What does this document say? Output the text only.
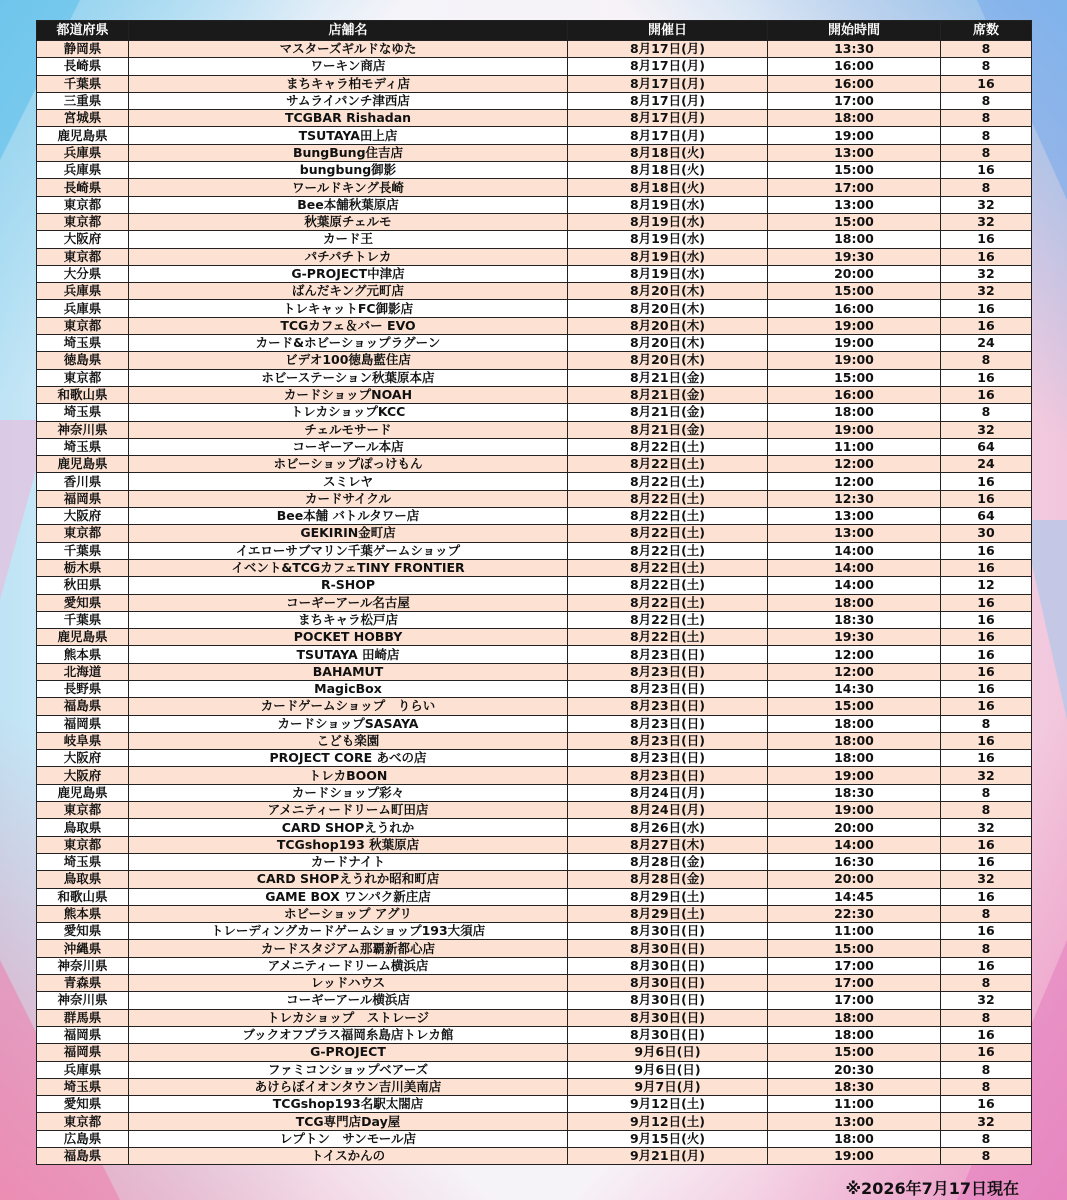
都道府県	店舗名	開催日	開始時間	席数
静岡県	マスターズギルドなゆた	8月17日(月)	13:30	8
長崎県	ワーキン商店	8月17日(月)	16:00	8
千葉県	まちキャラ柏モディ店	8月17日(月)	16:00	16
三重県	サムライパンチ津西店	8月17日(月)	17:00	8
宮城県	TCGBAR Rishadan	8月17日(月)	18:00	8
鹿児島県	TSUTAYA田上店	8月17日(月)	19:00	8
兵庫県	BungBung住吉店	8月18日(火)	13:00	8
兵庫県	bungbung御影	8月18日(火)	15:00	16
長崎県	ワールドキング長崎	8月18日(火)	17:00	8
東京都	Bee本舗秋葉原店	8月19日(水)	13:00	32
東京都	秋葉原チェルモ	8月19日(水)	15:00	32
大阪府	カード王	8月19日(水)	18:00	16
東京都	パチパチトレカ	8月19日(水)	19:30	16
大分県	G-PROJECT中津店	8月19日(水)	20:00	32
兵庫県	ばんだキング元町店	8月20日(木)	15:00	32
兵庫県	トレキャットFC御影店	8月20日(木)	16:00	16
東京都	TCGカフェ＆バー EVO	8月20日(木)	19:00	16
埼玉県	カード&ホビーショップラグーン	8月20日(木)	19:00	24
徳島県	ビデオ100徳島藍住店	8月20日(木)	19:00	8
東京都	ホビーステーション秋葉原本店	8月21日(金)	15:00	16
和歌山県	カードショップNOAH	8月21日(金)	16:00	16
埼玉県	トレカショップKCC	8月21日(金)	18:00	8
神奈川県	チェルモサード	8月21日(金)	19:00	32
埼玉県	コーギーアール本店	8月22日(土)	11:00	64
鹿児島県	ホビーショップぽっけもん	8月22日(土)	12:00	24
香川県	スミレヤ	8月22日(土)	12:00	16
福岡県	カードサイクル	8月22日(土)	12:30	16
大阪府	Bee本舗 バトルタワー店	8月22日(土)	13:00	64
東京都	GEKIRIN金町店	8月22日(土)	13:00	30
千葉県	イエローサブマリン千葉ゲームショップ	8月22日(土)	14:00	16
栃木県	イベント&TCGカフェTINY FRONTIER	8月22日(土)	14:00	16
秋田県	R-SHOP	8月22日(土)	14:00	12
愛知県	コーギーアール名古屋	8月22日(土)	18:00	16
千葉県	まちキャラ松戸店	8月22日(土)	18:30	16
鹿児島県	POCKET HOBBY	8月22日(土)	19:30	16
熊本県	TSUTAYA 田崎店	8月23日(日)	12:00	16
北海道	BAHAMUT	8月23日(日)	12:00	16
長野県	MagicBox	8月23日(日)	14:30	16
福島県	カードゲームショップ　りらい	8月23日(日)	15:00	16
福岡県	カードショップSASAYA	8月23日(日)	18:00	8
岐阜県	こども楽園	8月23日(日)	18:00	16
大阪府	PROJECT CORE あべの店	8月23日(日)	18:00	16
大阪府	トレカBOON	8月23日(日)	19:00	32
鹿児島県	カードショップ彩々	8月24日(月)	18:30	8
東京都	アメニティードリーム町田店	8月24日(月)	19:00	8
鳥取県	CARD SHOPえうれか	8月26日(水)	20:00	32
東京都	TCGshop193 秋葉原店	8月27日(木)	14:00	16
埼玉県	カードナイト	8月28日(金)	16:30	16
鳥取県	CARD SHOPえうれか昭和町店	8月28日(金)	20:00	32
和歌山県	GAME BOX ワンパク新庄店	8月29日(土)	14:45	16
熊本県	ホビーショップ アグリ	8月29日(土)	22:30	8
愛知県	トレーディングカードゲームショップ193大須店	8月30日(日)	11:00	16
沖縄県	カードスタジアム那覇新都心店	8月30日(日)	15:00	8
神奈川県	アメニティードリーム横浜店	8月30日(日)	17:00	16
青森県	レッドハウス	8月30日(日)	17:00	8
神奈川県	コーギーアール横浜店	8月30日(日)	17:00	32
群馬県	トレカショップ　ストレージ	8月30日(日)	18:00	8
福岡県	ブックオフプラス福岡糸島店トレカ館	8月30日(日)	18:00	16
福岡県	G-PROJECT	9月6日(日)	15:00	16
兵庫県	ファミコンショップベアーズ	9月6日(日)	20:30	8
埼玉県	あけらぼイオンタウン吉川美南店	9月7日(月)	18:30	8
愛知県	TCGshop193名駅太閤店	9月12日(土)	11:00	16
東京都	TCG専門店Day屋	9月12日(土)	13:00	32
広島県	レプトン　サンモール店	9月15日(火)	18:00	8
福島県	トイスかんの	9月21日(月)	19:00	8
※2026年7月17日現在
